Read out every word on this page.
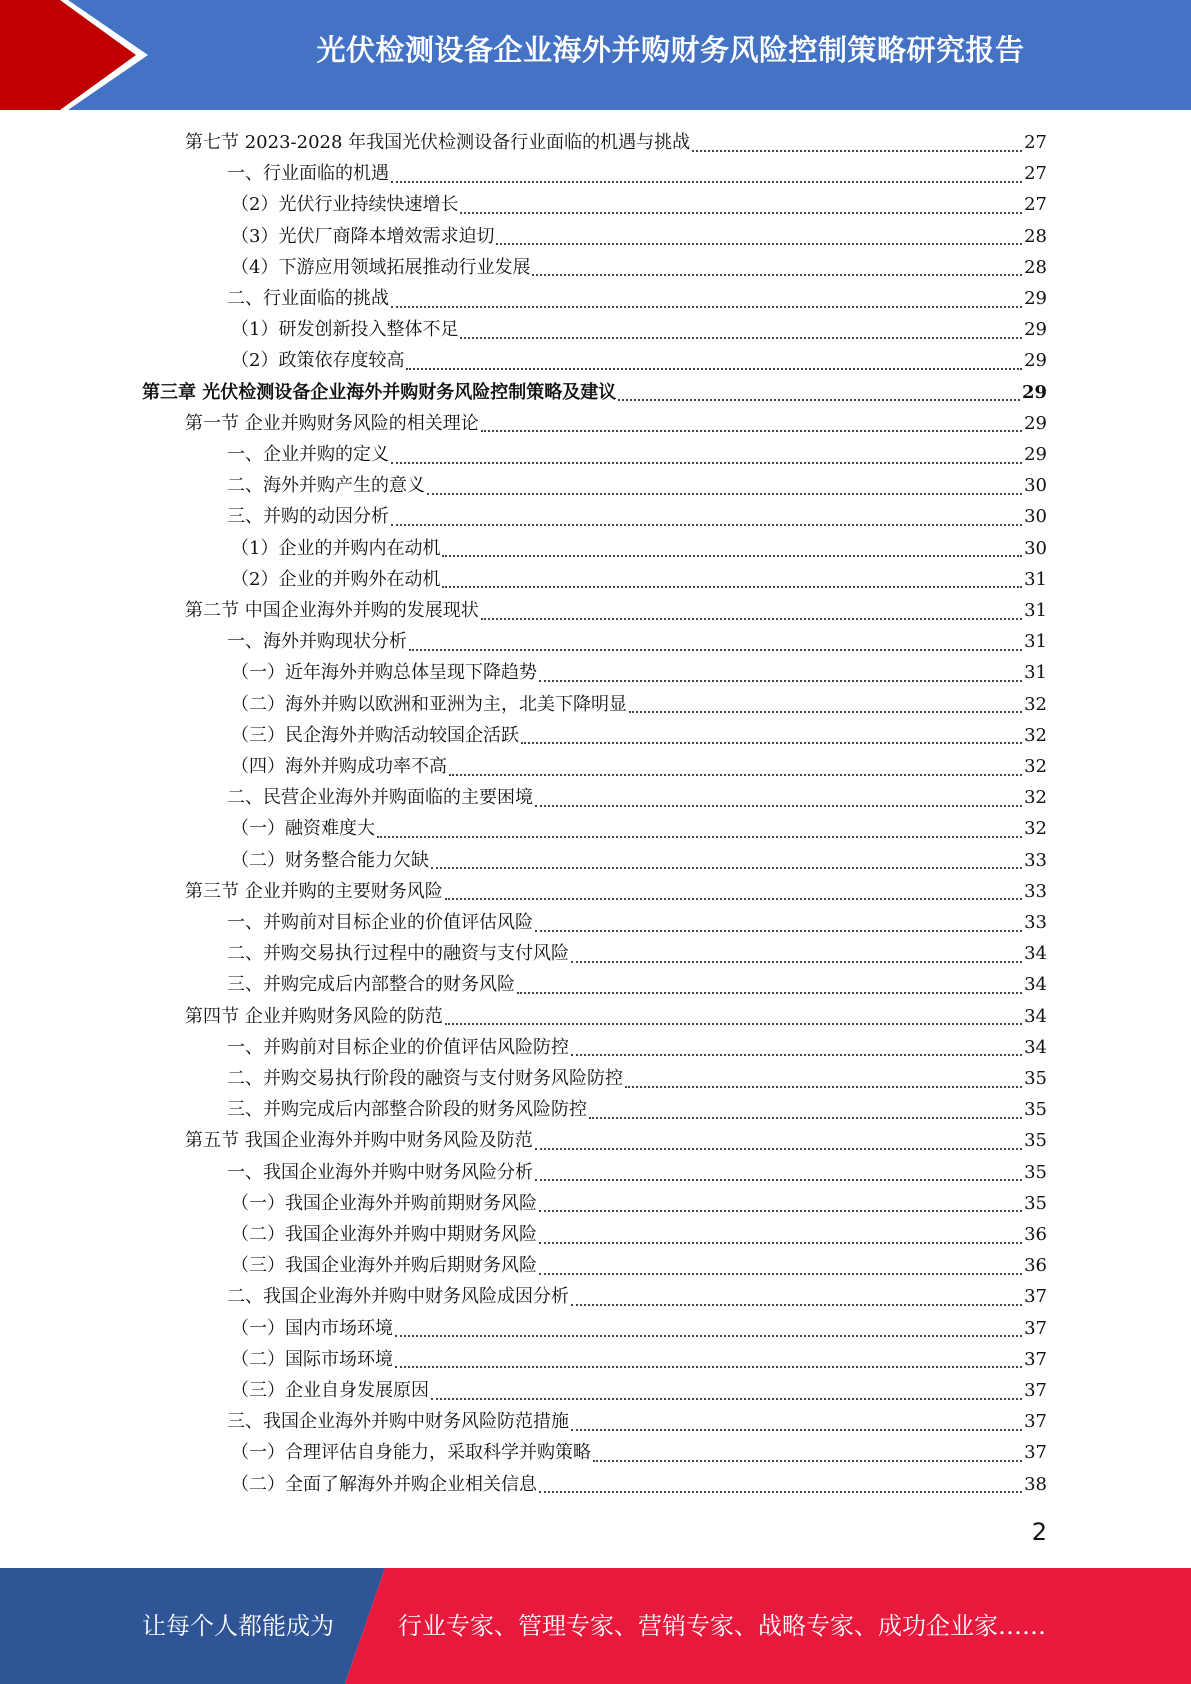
光伏检测设备企业海外并购财务风险控制策略研究报告
第七节 2023-2028 年我国光伏检测设备行业面临的机遇与挑战	27
一、行业面临的机遇	27
（2）光伏行业持续快速增长	27
（3）光伏厂商降本增效需求迫切	28
（4）下游应用领域拓展推动行业发展	28
二、行业面临的挑战	29
（1）研发创新投入整体不足	29
（2）政策依存度较高	29
第三章 光伏检测设备企业海外并购财务风险控制策略及建议	29
第一节 企业并购财务风险的相关理论	29
一、企业并购的定义	29
二、海外并购产生的意义	30
三、并购的动因分析	30
（1）企业的并购内在动机	30
（2）企业的并购外在动机	31
第二节 中国企业海外并购的发展现状	31
一、海外并购现状分析	31
（一）近年海外并购总体呈现下降趋势	31
（二）海外并购以欧洲和亚洲为主，北美下降明显	32
（三）民企海外并购活动较国企活跃	32
（四）海外并购成功率不高	32
二、民营企业海外并购面临的主要困境	32
（一）融资难度大	32
（二）财务整合能力欠缺	33
第三节 企业并购的主要财务风险	33
一、并购前对目标企业的价值评估风险	33
二、并购交易执行过程中的融资与支付风险	34
三、并购完成后内部整合的财务风险	34
第四节 企业并购财务风险的防范	34
一、并购前对目标企业的价值评估风险防控	34
二、并购交易执行阶段的融资与支付财务风险防控	35
三、并购完成后内部整合阶段的财务风险防控	35
第五节 我国企业海外并购中财务风险及防范	35
一、我国企业海外并购中财务风险分析	35
（一）我国企业海外并购前期财务风险	35
（二）我国企业海外并购中期财务风险	36
（三）我国企业海外并购后期财务风险	36
二、我国企业海外并购中财务风险成因分析	37
（一）国内市场环境	37
（二）国际市场环境	37
（三）企业自身发展原因	37
三、我国企业海外并购中财务风险防范措施	37
（一）合理评估自身能力，采取科学并购策略	37
（二）全面了解海外并购企业相关信息	38
2
让每个人都能成为	行业专家、管理专家、营销专家、战略专家、成功企业家……
